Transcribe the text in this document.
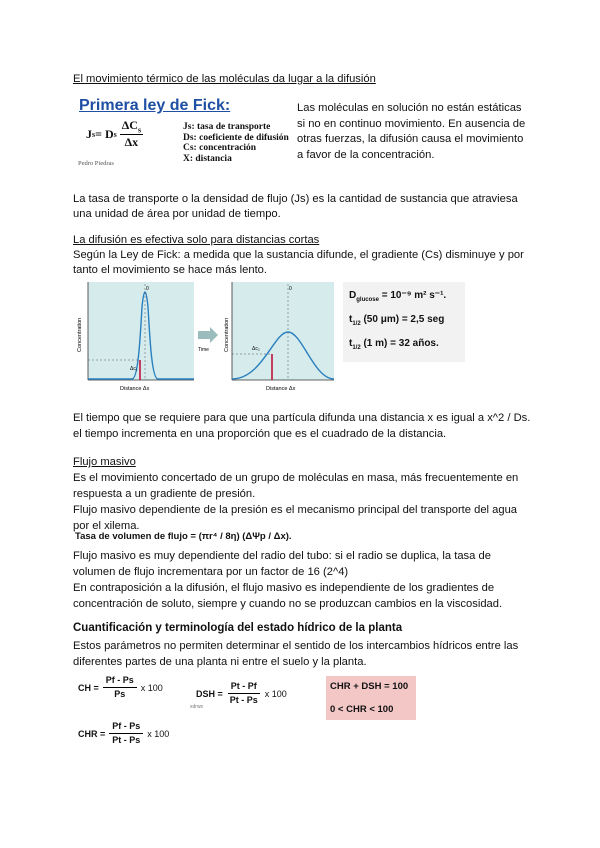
El movimiento térmico de las moléculas da lugar a la difusión
Primera ley de Fick:
J s = D s $\frac{\Delta C_s}{\Delta x}$	Js: tasa de transporte
Ds: coeficiente de difusión
Cs: concentración
X: distancia
Pedro Piedras
Las moléculas en solución no están estáticas
si no en continuo movimiento. En ausencia de
otras fuerzas, la difusión causa el movimiento
a favor de la concentración.
La tasa de transporte o la densidad de flujo (Js) es la cantidad de sustancia que atraviesa
una unidad de área por unidad de tiempo.
La difusión es efectiva solo para distancias cortas
Según la Ley de Fick: a medida que la sustancia difunde, el gradiente (Cs) disminuye y por
tanto el movimiento se hace más lento.
0
Δc₁
Distance Δx
Concentration	Time
0
Δc₂
Distance Δx
Concentration
$D_{glucose} = 10^{-9}$ m² s⁻¹.
$t_{1/2}$ (50 μm) = 2,5 seg
$t_{1/2}$ (1 m) = 32 años.
El tiempo que se requiere para que una partícula difunda una distancia x es igual a x^2 / Ds.
el tiempo incrementa en una proporción que es el cuadrado de la distancia.
Flujo masivo
Es el movimiento concertado de un grupo de moléculas en masa, más frecuentemente en
respuesta a un gradiente de presión.
Flujo masivo dependiente de la presión es el mecanismo principal del transporte del agua
por el xilema.
Tasa de volumen de flujo = (πr⁴ / 8η) (ΔΨp / Δx).
Flujo masivo es muy dependiente del radio del tubo: si el radio se duplica, la tasa de
volumen de flujo incrementara por un factor de 16 (2^4)
En contraposición a la difusión, el flujo masivo es independiente de los gradientes de
concentración de soluto, siempre y cuando no se produzcan cambios en la viscosidad.
Cuantificación y terminología del estado hídrico de la planta
Estos parámetros no permiten determinar el sentido de los intercambios hídricos entre las
diferentes partes de una planta ni entre el suelo y la planta.
CH = $\frac{Pf - Ps}{Ps}$ x 100
DSH = $\frac{Pt - Pf}{Pt - Ps}$ x 100
xdrws
CHR = $\frac{Pf - Ps}{Pt - Ps}$ x 100
CHR + DSH = 100
0 < CHR < 100
